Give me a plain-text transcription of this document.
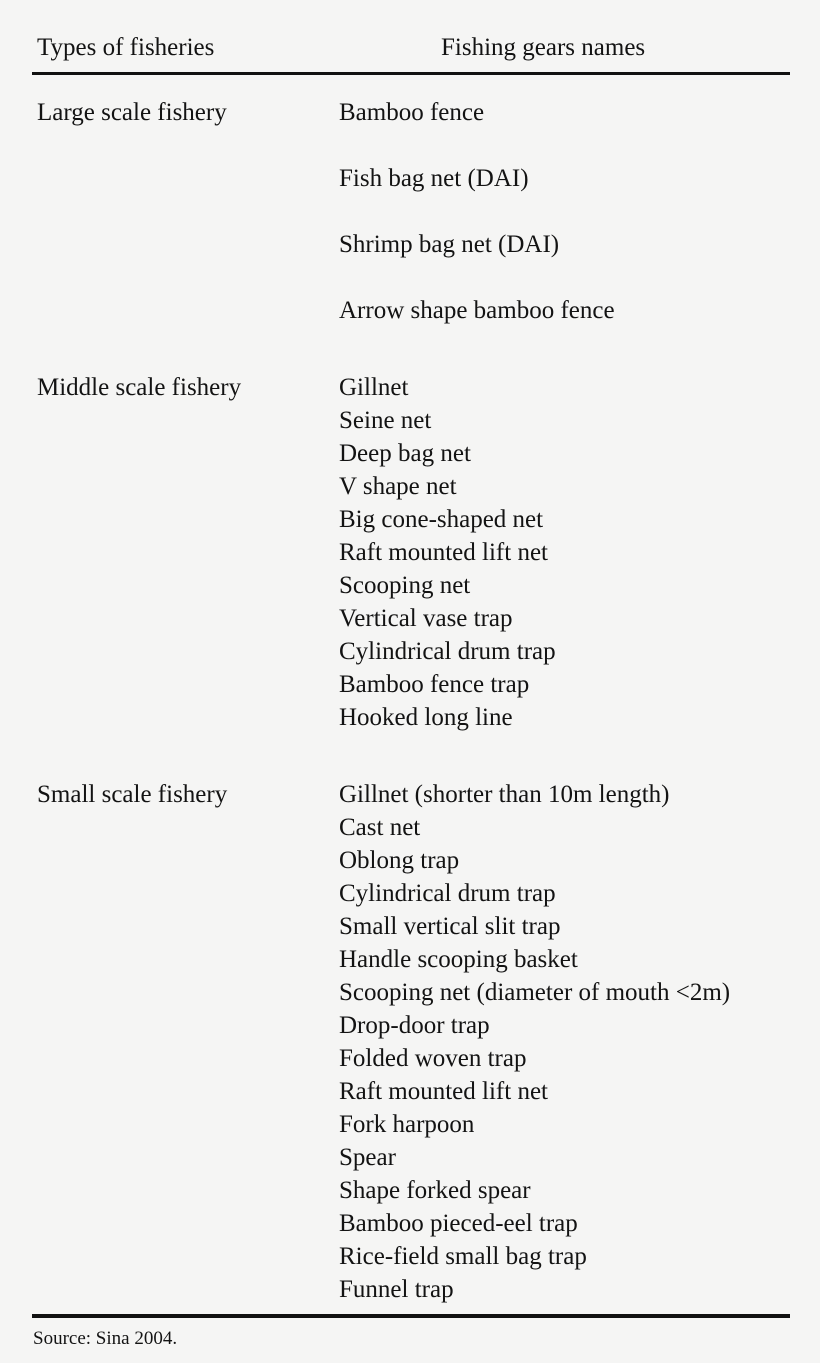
Types of fisheries	Fishing gears names
Large scale fishery	Bamboo fence
Fish bag net (DAI)
Shrimp bag net (DAI)
Arrow shape bamboo fence

Middle scale fishery	Gillnet
Seine net
Deep bag net
V shape net
Big cone-shaped net
Raft mounted lift net
Scooping net
Vertical vase trap
Cylindrical drum trap
Bamboo fence trap
Hooked long line

Small scale fishery	Gillnet (shorter than 10m length)
Cast net
Oblong trap
Cylindrical drum trap
Small vertical slit trap
Handle scooping basket
Scooping net (diameter of mouth <2m)
Drop-door trap
Folded woven trap
Raft mounted lift net
Fork harpoon
Spear
Shape forked spear
Bamboo pieced-eel trap
Rice-field small bag trap
Funnel trap
Source: Sina 2004.
